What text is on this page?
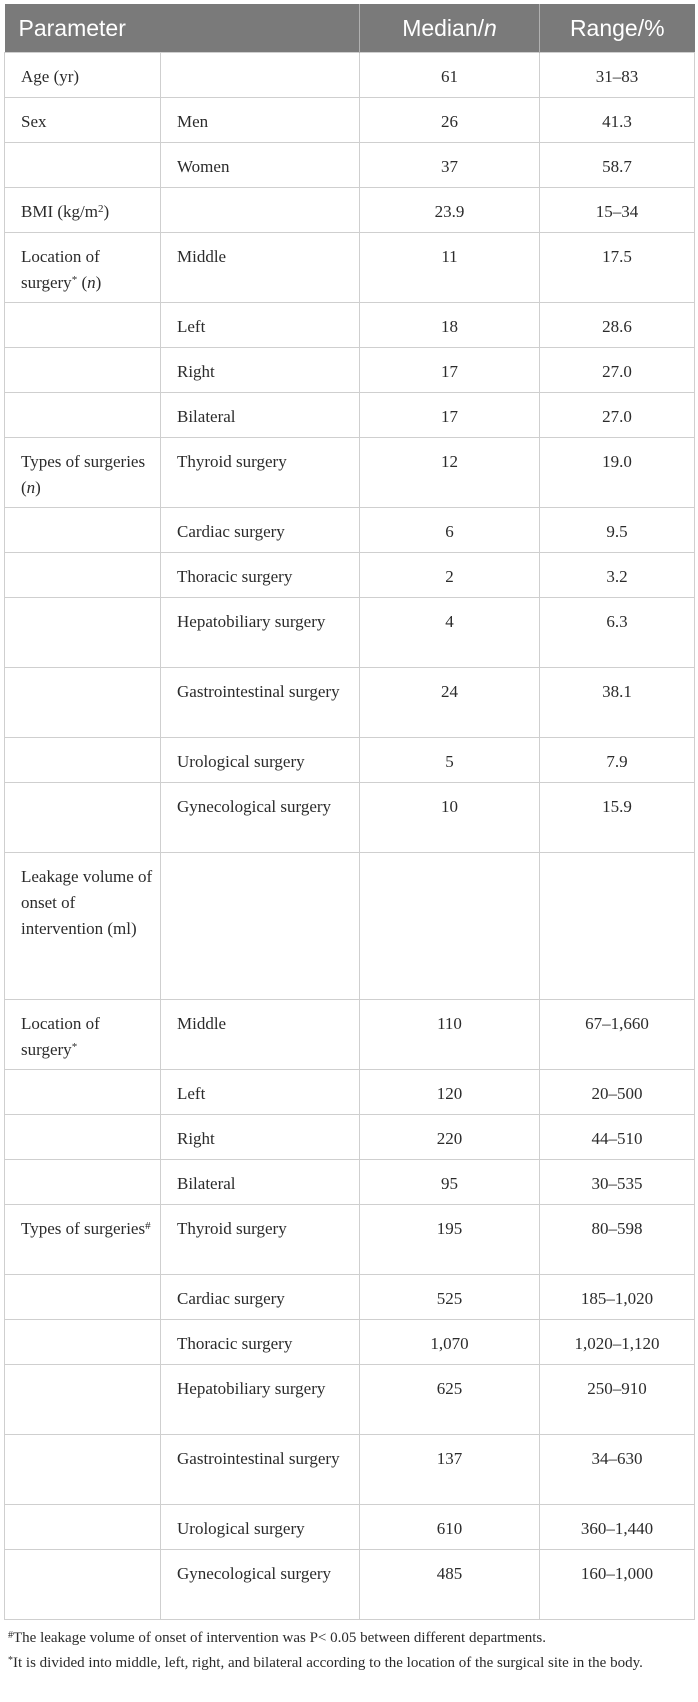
Parameter		Median/n	Range/%
Age (yr)		61	31–83
Sex	Men	26	41.3
	Women	37	58.7
BMI $(kg/m^2)$		23.9	15–34
Location of surgery* (n)	Middle	11	17.5
	Left	18	28.6
	Right	17	27.0
	Bilateral	17	27.0
Types of surgeries (n)	Thyroid surgery	12	19.0
	Cardiac surgery	6	9.5
	Thoracic surgery	2	3.2
	Hepatobiliary surgery	4	6.3
	Gastrointestinal surgery	24	38.1
	Urological surgery	5	7.9
	Gynecological surgery	10	15.9
Leakage volume of onset of intervention (ml)			
Location of surgery*	Middle	110	67–1,660
	Left	120	20–500
	Right	220	44–510
	Bilateral	95	30–535
Types of surgeries#	Thyroid surgery	195	80–598
	Cardiac surgery	525	185–1,020
	Thoracic surgery	1,070	1,020–1,120
	Hepatobiliary surgery	625	250–910
	Gastrointestinal surgery	137	34–630
	Urological surgery	610	360–1,440
	Gynecological surgery	485	160–1,000

#The leakage volume of onset of intervention was P< 0.05 between different departments.

*It is divided into middle, left, right, and bilateral according to the location of the surgical site in the body.
